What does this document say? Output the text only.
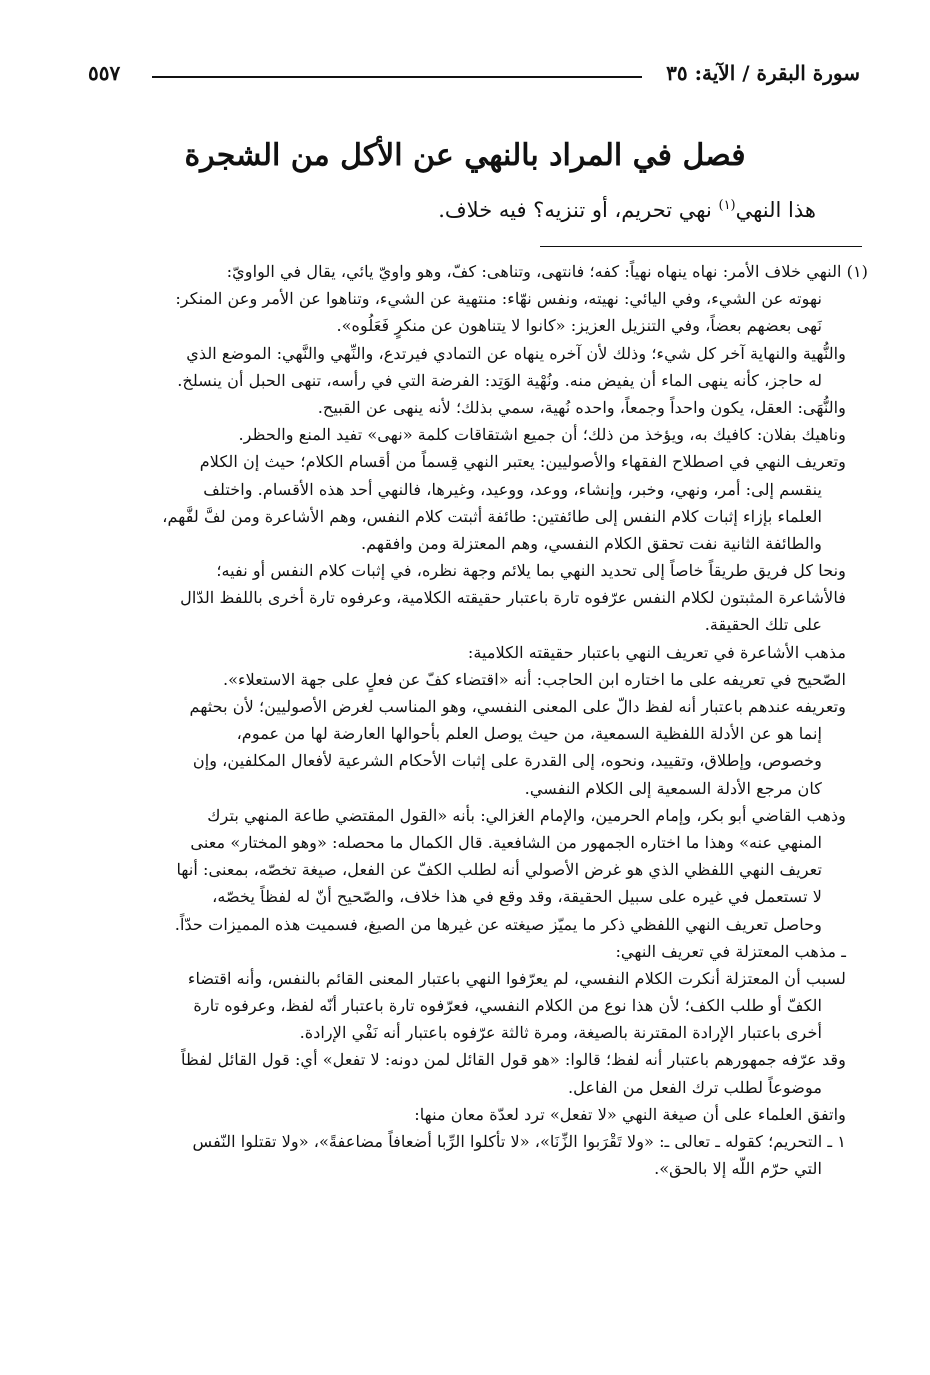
سورة البقرة / الآية: ٣٥
٥٥٧
فصل في المراد بالنهي عن الأكل من الشجرة
هذا النهي$^{(١)}$ نهي تحريم، أو تنزيه؟ فيه خلاف.
(١) النهي خلاف الأمر: نهاه ينهاه نهياً: كفه؛ فانتهى، وتناهى: كفّ، وهو واويّ يائي، يقال في الواويّ:
نهوته عن الشيء، وفي اليائي: نهيته، ونفس نهّاء: منتهية عن الشيء، وتناهوا عن الأمر وعن المنكر:
نَهى بعضهم بعضاً، وفي التنزيل العزيز: «كانوا لا يتناهون عن منكرٍ فَعَلُوه».
والنُّهية والنهاية آخر كل شيء؛ وذلك لأن آخره ينهاه عن التمادي فيرتدع، والنِّهي والنَّهي: الموضع الذي
له حاجز، كأنه ينهى الماء أن يفيض منه. ونُهْية الوَتِد: الفرضة التي في رأسه، تنهى الحبل أن ينسلخ.
والنُّهَى: العقل، يكون واحداً وجمعاً، واحده نُهية، سمي بذلك؛ لأنه ينهى عن القبيح.
وناهيك بفلان: كافيك به، ويؤخذ من ذلك؛ أن جميع اشتقاقات كلمة «نهى» تفيد المنع والحظر.
وتعريف النهي في اصطلاح الفقهاء والأصوليين: يعتبر النهي قِسماً من أقسام الكلام؛ حيث إن الكلام
ينقسم إلى: أمر، ونهي، وخبر، وإنشاء، ووعد، ووعيد، وغيرها، فالنهي أحد هذه الأقسام. واختلف
العلماء بإزاء إثبات كلام النفس إلى طائفتين: طائفة أثبتت كلام النفس، وهم الأشاعرة ومن لفَّ لفَّهم،
والطائفة الثانية نفت تحقق الكلام النفسي، وهم المعتزلة ومن وافقهم.
ونحا كل فريق طريقاً خاصاً إلى تحديد النهي بما يلائم وجهة نظره، في إثبات كلام النفس أو نفيه؛
فالأشاعرة المثبتون لكلام النفس عرّفوه تارة باعتبار حقيقته الكلامية، وعرفوه تارة أخرى باللفظ الدّال
على تلك الحقيقة.
مذهب الأشاعرة في تعريف النهي باعتبار حقيقته الكلامية:
الصّحيح في تعريفه على ما اختاره ابن الحاجب: أنه «اقتضاء كفّ عن فعلٍ على جهة الاستعلاء».
وتعريفه عندهم باعتبار أنه لفظ دالّ على المعنى النفسي، وهو المناسب لغرض الأصوليين؛ لأن بحثهم
إنما هو عن الأدلة اللفظية السمعية، من حيث يوصل العلم بأحوالها العارضة لها من عموم،
وخصوص، وإطلاق، وتقييد، ونحوه، إلى القدرة على إثبات الأحكام الشرعية لأفعال المكلفين، وإن
كان مرجع الأدلة السمعية إلى الكلام النفسي.
وذهب القاضي أبو بكر، وإمام الحرمين، والإمام الغزالي: بأنه «القول المقتضي طاعة المنهي بترك
المنهي عنه» وهذا ما اختاره الجمهور من الشافعية. قال الكمال ما محصله: «وهو المختار» معنى
تعريف النهي اللفظي الذي هو غرض الأصولي أنه لطلب الكفّ عن الفعل، صيغة تخصّه، بمعنى: أنها
لا تستعمل في غيره على سبيل الحقيقة، وقد وقع في هذا خلاف، والصّحيح أنّ له لفظاً يخصّه،
وحاصل تعريف النهي اللفظي ذكر ما يميّز صيغته عن غيرها من الصيغ، فسميت هذه المميزات حدّاً.
ـ مذهب المعتزلة في تعريف النهي:
لسبب أن المعتزلة أنكرت الكلام النفسي، لم يعرّفوا النهي باعتبار المعنى القائم بالنفس، وأنه اقتضاء
الكفّ أو طلب الكف؛ لأن هذا نوع من الكلام النفسي، فعرّفوه تارة باعتبار أنّه لفظ، وعرفوه تارة
أخرى باعتبار الإرادة المقترنة بالصيغة، ومرة ثالثة عرّفوه باعتبار أنه نَفْي الإرادة.
وقد عرّفه جمهورهم باعتبار أنه لفظ؛ قالوا: «هو قول القائل لمن دونه: لا تفعل» أي: قول القائل لفظاً
موضوعاً لطلب ترك الفعل من الفاعل.
واتفق العلماء على أن صيغة النهي «لا تفعل» ترد لعدّة معان منها:
١ ـ التحريم؛ كقوله ـ تعالى ـ: «ولا تَقْرَبوا الزِّنَا»، «لا تأكلوا الرِّبا أضعافاً مضاعفةً»، «ولا تقتلوا النّفس
التي حرّم اللّه إلا بالحق».
